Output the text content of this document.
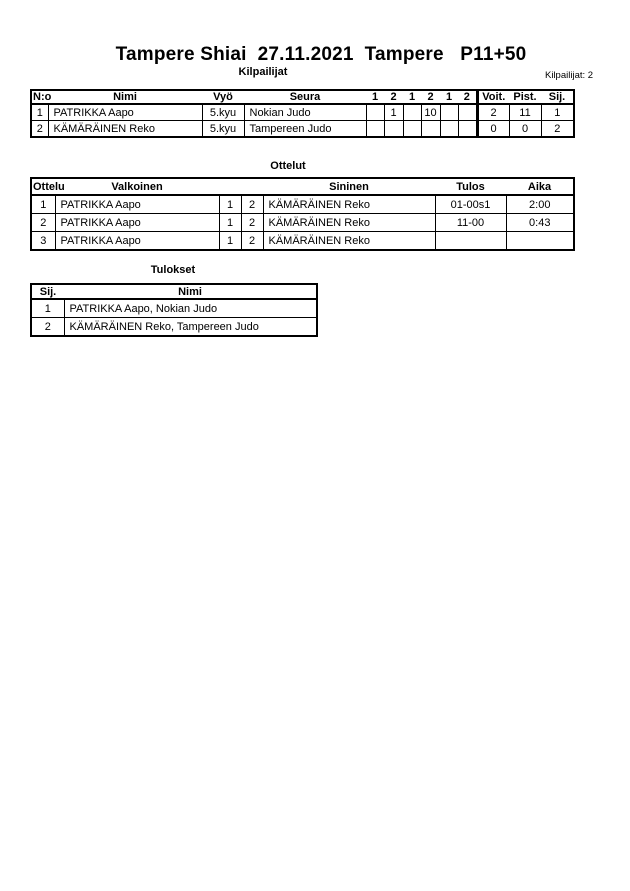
Tampere Shiai  27.11.2021  Tampere   P11+50
Kilpailijat	Kilpailijat: 2
N:o	Nimi	Vyö	Seura	1	2	1	2	1	2	Voit.	Pist.	Sij.
1	PATRIKKA Aapo	5.kyu	Nokian Judo		1		10			2	11	1
2	KÄMÄRÄINEN Reko	5.kyu	Tampereen Judo							0	0	2
Ottelut
Ottelu	Valkoinen			Sininen	Tulos	Aika
1	PATRIKKA Aapo	1	2	KÄMÄRÄINEN Reko	01-00s1	2:00
2	PATRIKKA Aapo	1	2	KÄMÄRÄINEN Reko	11-00	0:43
3	PATRIKKA Aapo	1	2	KÄMÄRÄINEN Reko		
Tulokset
Sij.	Nimi
1	PATRIKKA Aapo, Nokian Judo
2	KÄMÄRÄINEN Reko, Tampereen Judo
